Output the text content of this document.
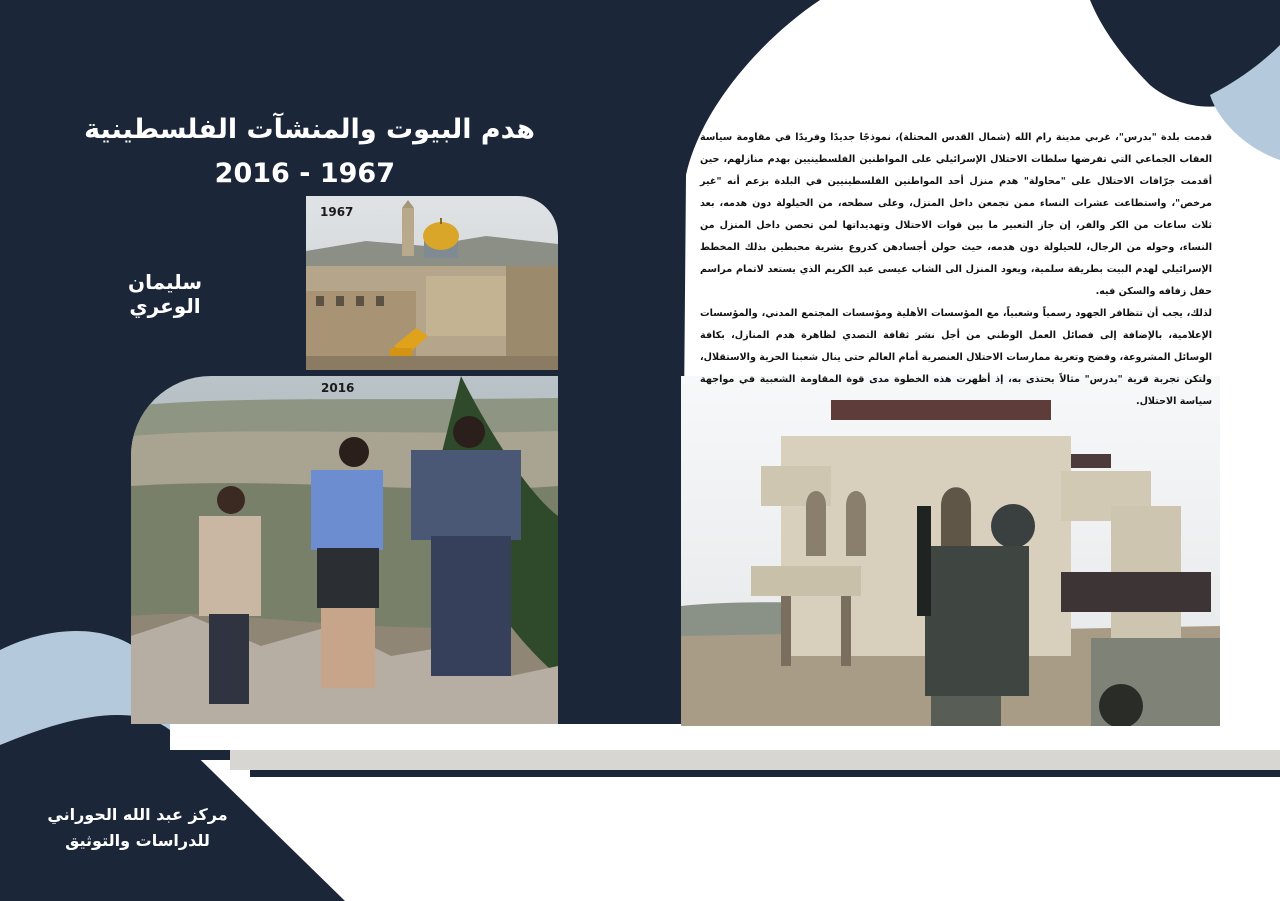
هدم البيوت والمنشآت الفلسطينية
1967 - 2016
سليمان الوعري
مركز عبد الله الحوراني
للدراسات والتوثيق
1967
2016

قدمت بلدة "بدرس"، غربي مدينة رام الله (شمال القدس المحتلة)، نموذجًا جديدًا وفريدًا في مقاومة سياسة العقاب الجماعي التي تفرضها سلطات الاحتلال الإسرائيلي على المواطنين الفلسطينيين بهدم منازلهم، حين أقدمت جرّافات الاحتلال على "محاولة" هدم منزل أحد المواطنين الفلسطينيين في البلدة بزعم أنه "غير مرخص"، واستطاعت عشرات النساء ممن تجمعن داخل المنزل، وعلى سطحه، من الحيلولة دون هدمه، بعد ثلاث ساعات من الكر والفر، إن جاز التعبير ما بين قوات الاحتلال وتهديداتها لمن تحصن داخل المنزل من النساء، وحوله من الرجال، للحيلولة دون هدمه، حيث حولن أجسادهن كدروع بشرية محبطين بذلك المخطط الإسرائيلي لهدم البيت بطريقة سلمية، ويعود المنزل الى الشاب عيسى عبد الكريم الذي يستعد لاتمام مراسم حفل زفافه والسكن فيه.

لذلك، يجب أن تتظافر الجهود رسمياً وشعبياً، مع المؤسسات الأهلية ومؤسسات المجتمع المدني، والمؤسسات الإعلامية، بالإضافة إلى فصائل العمل الوطني من أجل نشر ثقافة التصدي لظاهرة هدم المنازل، بكافة الوسائل المشروعة، وفضح وتعرية ممارسات الاحتلال العنصرية أمام العالم حتى ينال شعبنا الحرية والاستقلال، ولتكن تجربة قرية "بدرس" مثالاً يحتذى به، إذ أظهرت هذه الخطوة مدى قوة المقاومة الشعبية في مواجهة سياسة الاحتلال.
